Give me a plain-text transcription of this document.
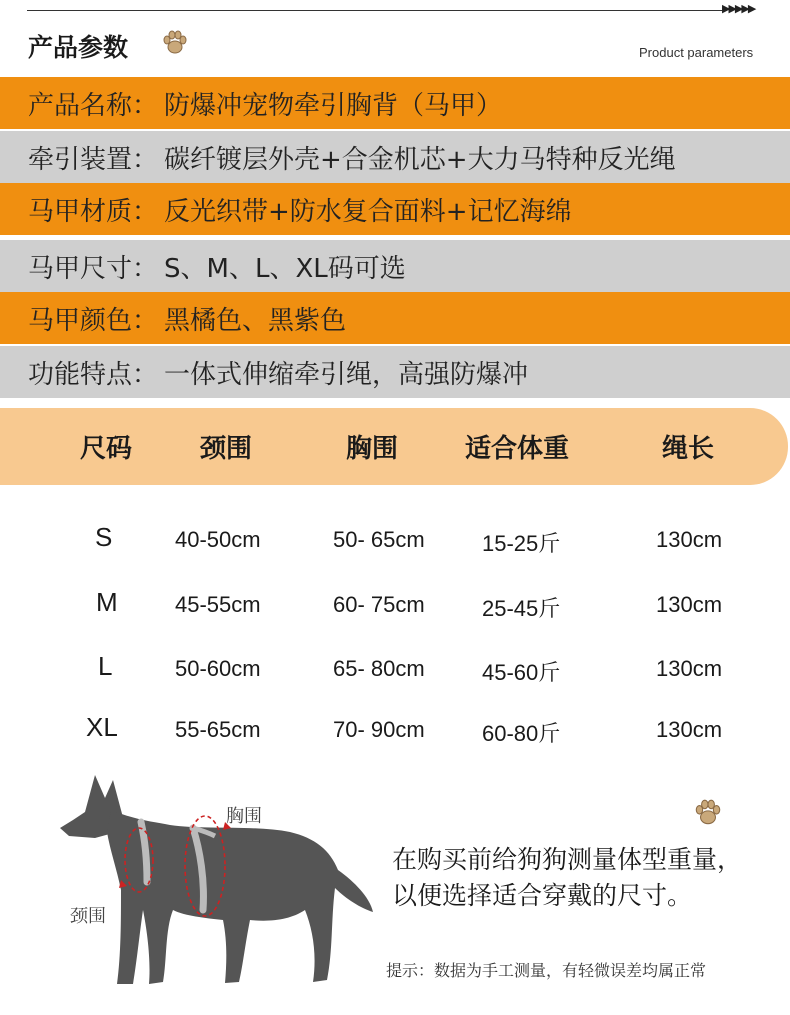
▶▶▶▶▶
产品参数	Product parameters
产品名称： 防爆冲宠物牵引胸背（马甲）
牵引装置： 碳纤镀层外壳+合金机芯+大力马特种反光绳
马甲材质： 反光织带+防水复合面料+记忆海绵
马甲尺寸： S、M、L、XL码可选
马甲颜色： 黑橘色、黑紫色
功能特点： 一体式伸缩牵引绳，高强防爆冲
尺码	颈围	胸围	适合体重	绳长
S	40-50cm	50- 65cm	15-25斤	130cm
M	45-55cm	60- 75cm	25-45斤	130cm
L	50-60cm	65- 80cm	45-60斤	130cm
XL	55-65cm	70- 90cm	60-80斤	130cm
胸围
颈围
在购买前给狗狗测量体型重量，
以便选择适合穿戴的尺寸。
提示：数据为手工测量，有轻微误差均属正常
